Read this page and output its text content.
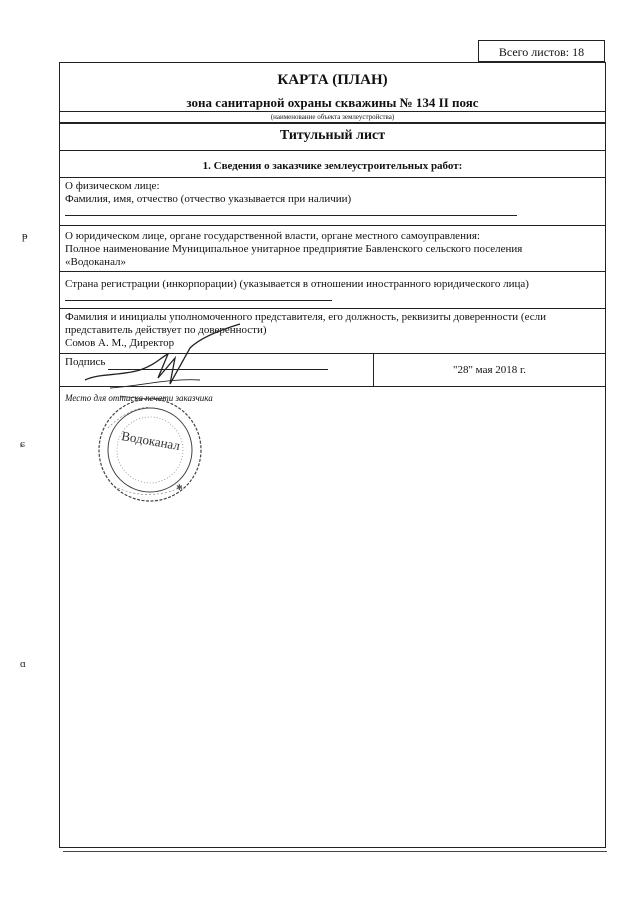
Всего листов: 18
КАРТА (ПЛАН)
зона санитарной охраны скважины № 134 II пояс
(наименование объекта землеустройства)
Титульный лист
1. Сведения о заказчике землеустроительных работ:
О физическом лице:
Фамилия, имя, отчество (отчество указывается при наличии)
О юридическом лице, органе государственной власти, органе местного самоуправления:
Полное наименование Муниципальное унитарное предприятие Бавленского сельского поселения
«Водоканал»
Страна регистрации (инкорпорации) (указывается в отношении иностранного юридического лица)
Фамилия и инициалы уполномоченного представителя, его должность, реквизиты доверенности (если
представитель действует по доверенности)
Сомов А. М., Директор
Подпись
"28" мая 2018 г.
Место для оттиска печати заказчика
Водоканал
✱
ᵽ
ɕ
ɑ
